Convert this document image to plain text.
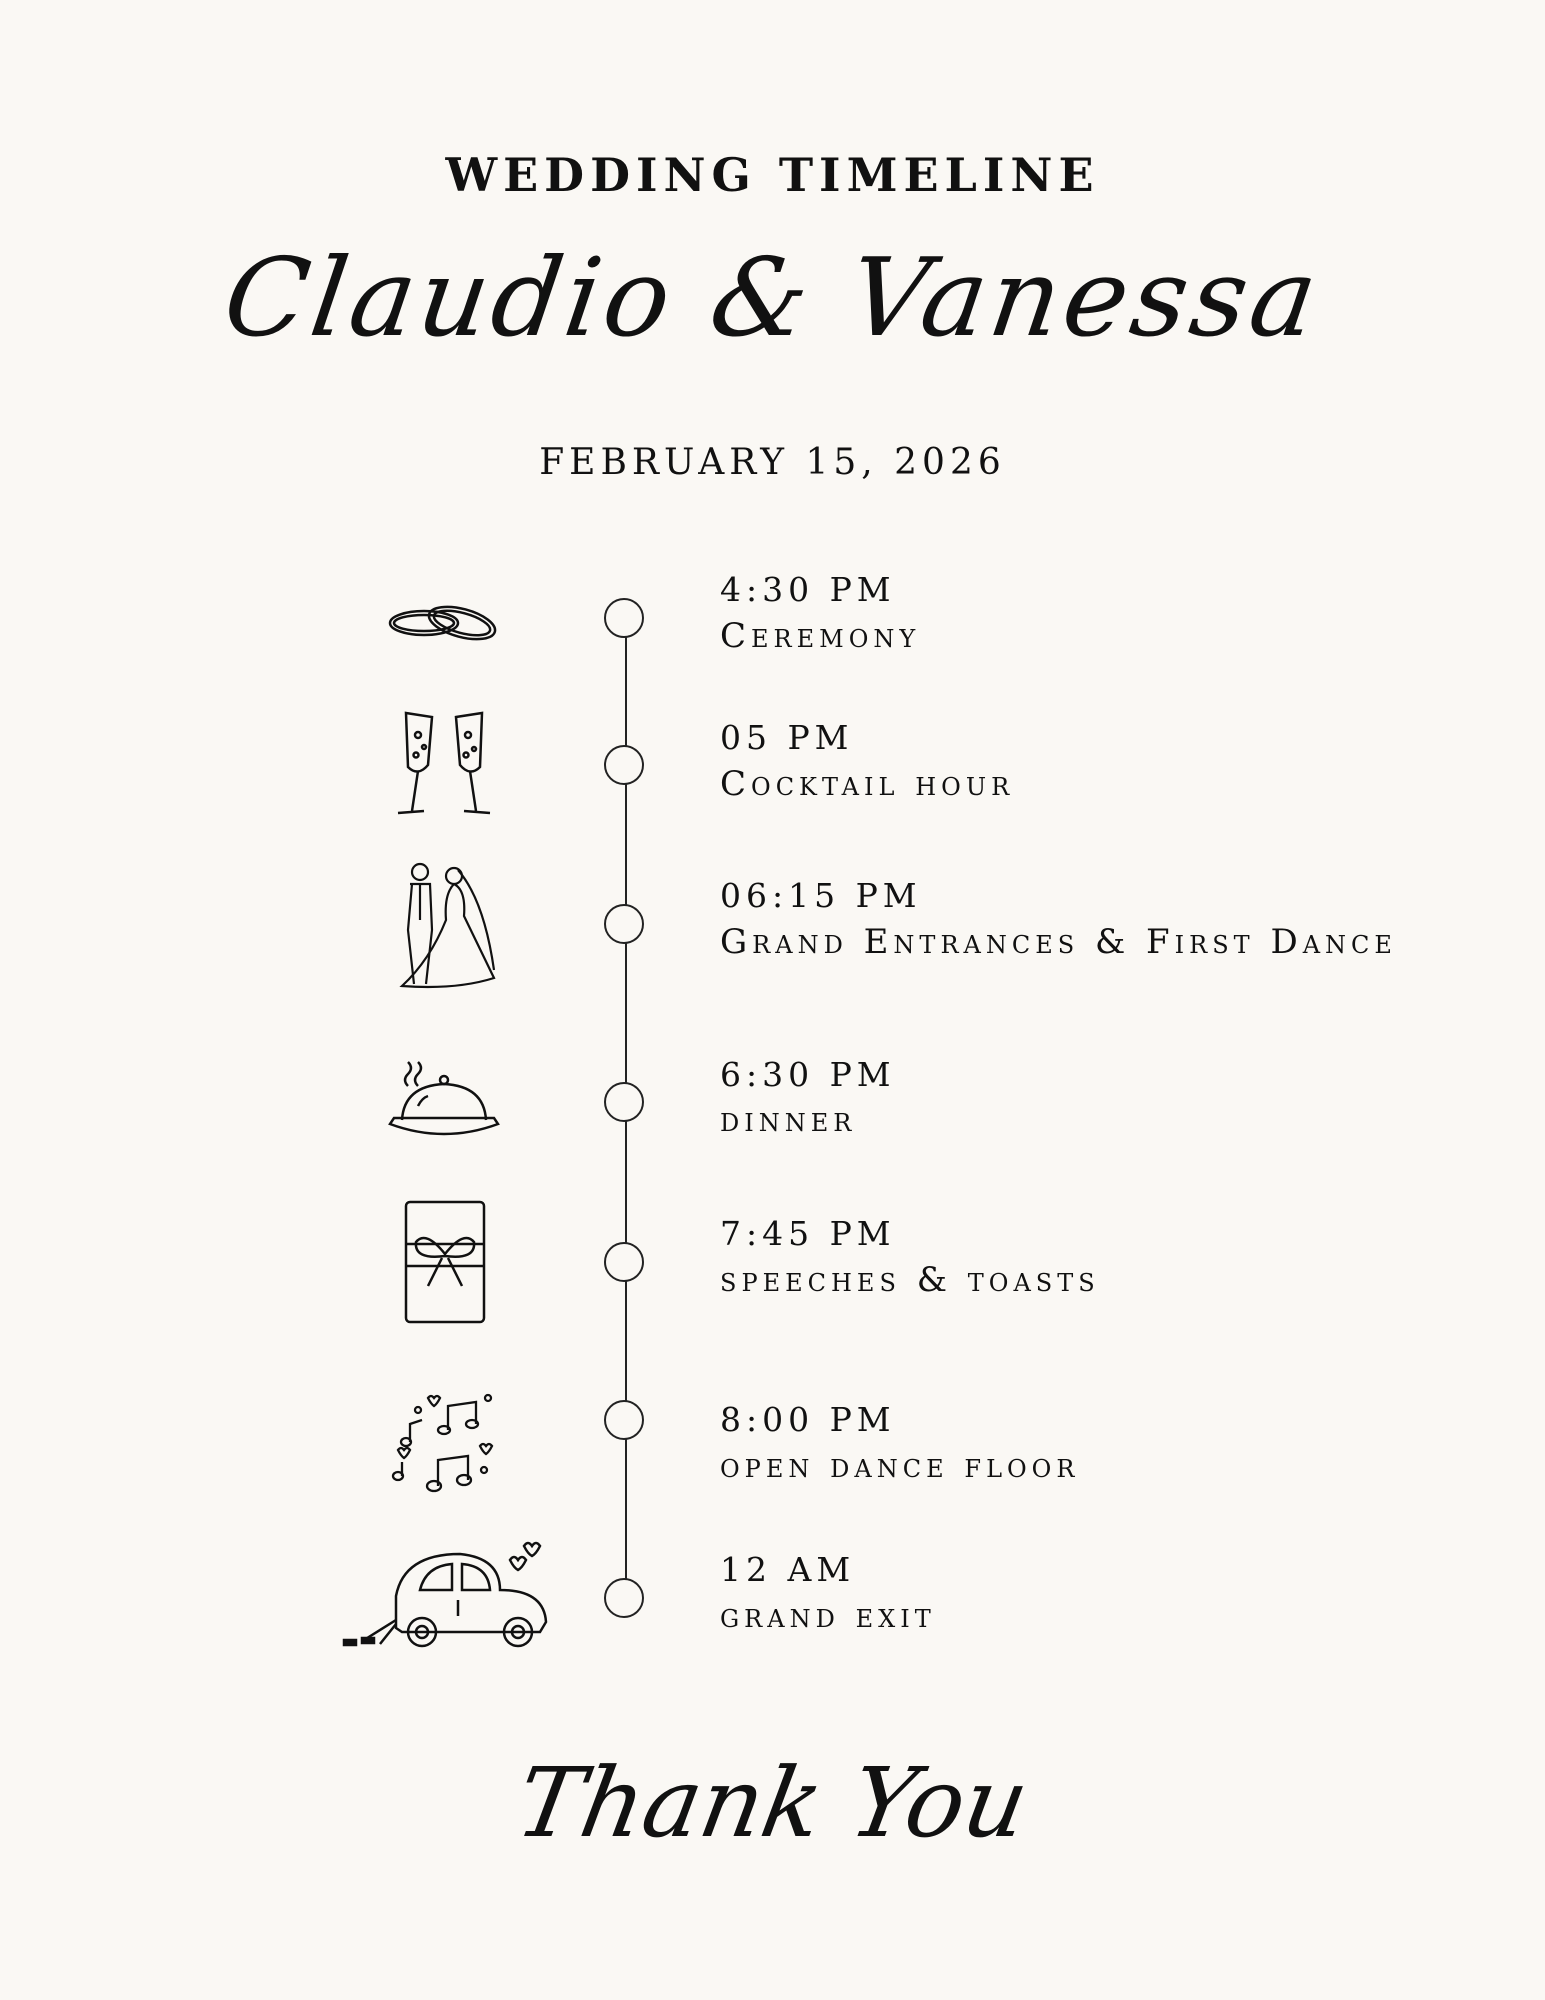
WEDDING TIMELINE
Claudio & Vanessa
FEBRUARY 15, 2026
4:30 PM
Ceremony
05 PM
Cocktail hour
06:15 PM
Grand Entrances & First Dance
6:30 PM
dinner
7:45 PM
speeches & toasts
8:00 PM
open dance floor
12 AM
grand exit
Thank You
